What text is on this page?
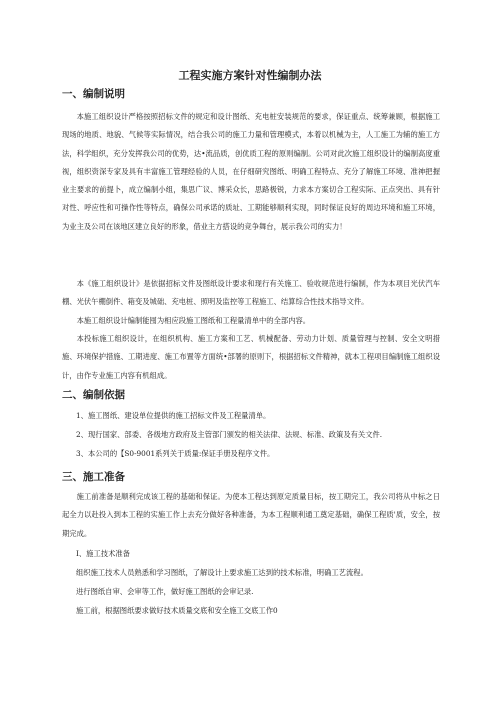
工程实施方案针对性编制办法
一、编制说明

本施工组织设计严格按照招标文件的规定和设计图纸、充电桩安装规范的要求，保证重点、统筹兼顾，根据施工现场的地质、地貌、气候等实际情况，结合我公司的施工力量和管理模式，本着以机械为主，人工施工为辅的施工方法，科学组织，充分发挥我公司的优势，达•流品质，创优质工程的原则编制。公司对此次施工组织设计的编制高度重视，组织资深专家及具有丰富施工管理经验的人员，在仔细研究图纸、明确工程特点、充分了解施工环境、准神把握业主要求的前提卜，成立编制小组，集思广议、博采众长，思路极锐，力求本方案切合工程实际、正点突出、具有针对性、呼应性和可操作性等特点，确保公司承诺的质址、工期能够顺利实现，同时保证良好的周边环境和施工环境，为业主及公司在该地区建立良好的形象，借业主方搭设的竞争舞台，展示我公司的实力！

本《施工组织设计》是依据招标文件及图纸设计要求和现行有关施工、验收规范进行编制，作为本项目光伏汽车棚、光伏午棚倒件、箱变及城础、充电桩、照明及监控等工程施工、结算综合性技术指导文件。

本施工组织设计编制能囤为相应段施工图纸和工程量清单中的全部内容。

本投标施工组织设计，在组织机构、施工方案和工艺、机械配备、劳动力计划、质量管理与控制、安全文明措施、环境保护措施、工期进度、施工布置等方面统•部署的原则下，根据招标文件精神，就本工程项目编制施工组织设计，由作专业施工内容有机组成。

二、编制依据
1、施工图纸、建设单位提供的施工招标文件及工程量清单。
2、现行国家、部委、各级地方政府及主管部门颁发的相关法律、法规、标准、政策及有关文件.
3、本公司的【S0-9001系列关于质量:保证手册及程序文件。
三、施工准备

施工前准备是顺利完成该工程的基础和保证。为使本工程达到原定质量目标，按工期完工，我公司将从中标之日起全力以赴投入到本工程的实施工作上去充分做好各种准备，为本工程顺利通工奠定基础，确保工程质'质，安全，按期完成。

Ⅰ、施工技术准备
组织施工技术人员熟悉和学习图纸，了解设计上要求施工达到的技术标准，明确工艺流程。
进行图纸自审、会审等工作，做好施工图纸的会审记录.
施工前，根据图纸要求做好技术质量交底和安全施工交底工作0
